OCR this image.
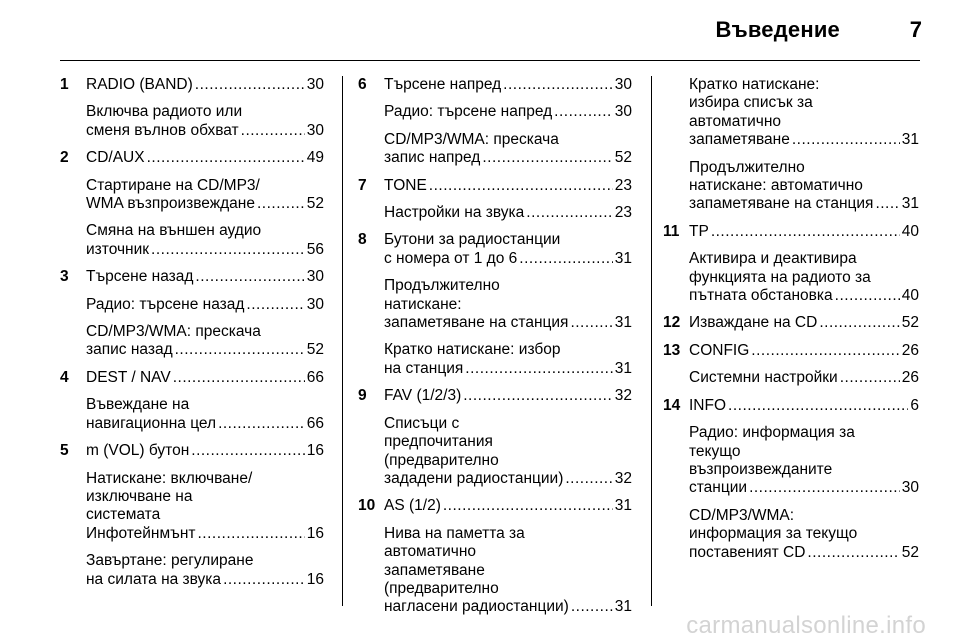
Въведение	7
1 RADIO (BAND) .....	30
Включва радиото или
сменя вълнов обхват .....	30
2 CD/AUX .....	49
Стартиране на CD/MP3/
WMA възпроизвеждане .....	52
Смяна на външен аудио
източник .....	56
3 Търсене назад .....	30
Радио: търсене назад .....	30
CD/MP3/WMA: прескача
запис назад .....	52
4 DEST / NAV .....	66
Въвеждане на
навигационна цел .....	66
5 m (VOL) бутон .....	16
Натискане: включване/
изключване на
системата
Инфотейнмънт .....	16
Завъртане: регулиране
на силата на звука .....	16
6 Търсене напред .....	30
Радио: търсене напред .....	30
CD/MP3/WMA: прескача
запис напред .....	52
7 TONE .....	23
Настройки на звука .....	23
8 Бутони за радиостанции
с номера от 1 до 6 .....	31
Продължително
натискане:
запаметяване на станция .....	31
Кратко натискане: избор
на станция .....	31
9 FAV (1/2/3) .....	32
Списъци с
предпочитания
(предварително
зададени радиостанции) .....	32
10 AS (1/2) .....	31
Нива на паметта за
автоматично
запаметяване
(предварително
нагласени радиостанции) .....	31
Кратко натискане:
избира списък за
автоматично
запаметяване .....	31
Продължително
натискане: автоматично
запаметяване на станция ..... 31
11 TP .....	40
Активира и деактивира
функцията на радиото за
пътната обстановка .....	40
12 Изваждане на CD .....	52
13 CONFIG .....	26
Системни настройки .....	26
14 INFO .....	6
Радио: информация за
текущо
възпроизвежданите
станции .....	30
CD/MP3/WMA:
информация за текущо
поставеният CD .....	52
carmanualsonline.info
